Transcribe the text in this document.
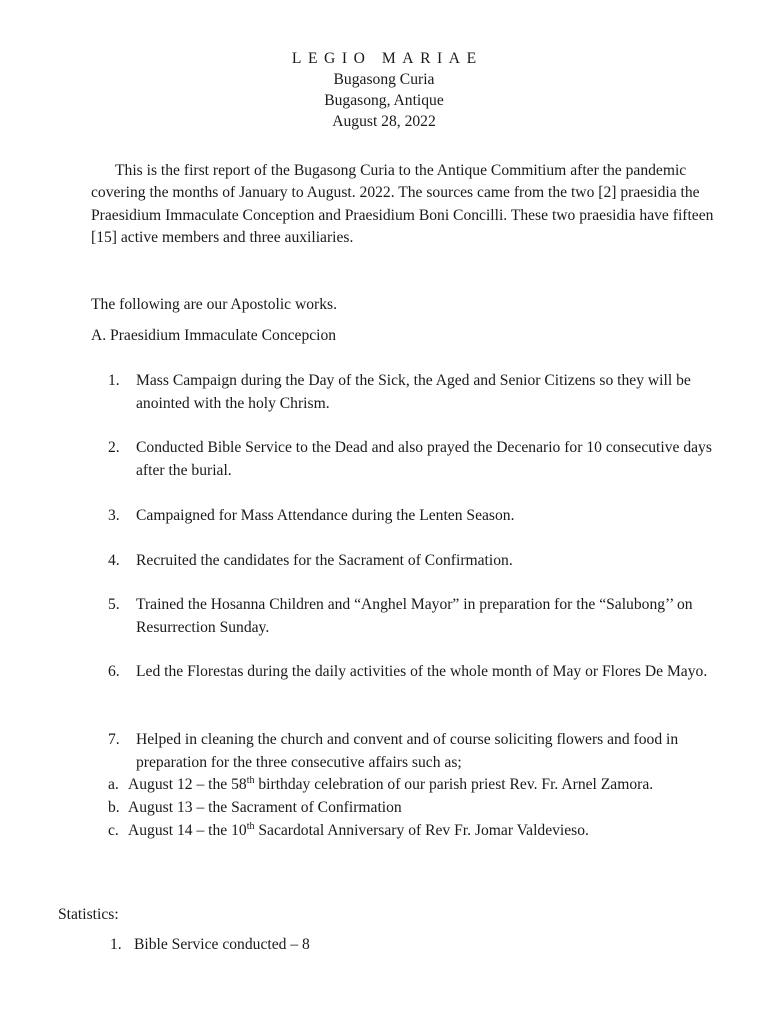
LEGIO MARIAE
Bugasong Curia
Bugasong, Antique
August 28, 2022

This is the first report of the Bugasong Curia to the Antique Commitium after the pandemic covering the months of January to August. 2022. The sources came from the two [2] praesidia the Praesidium Immaculate Conception and Praesidium Boni Concilli. These two praesidia have fifteen [15] active members and three auxiliaries.

The following are our Apostolic works.

A. Praesidium Immaculate Concepcion

1.	Mass Campaign during the Day of the Sick, the Aged and Senior Citizens so they will be anointed with the holy Chrism.
2.	Conducted Bible Service to the Dead and also prayed the Decenario for 10 consecutive days after the burial.
3.	Campaigned for Mass Attendance during the Lenten Season.
4.	Recruited the candidates for the Sacrament of Confirmation.
5.	Trained the Hosanna Children and “Anghel Mayor” in preparation for the “Salubong’’ on Resurrection Sunday.
6.	Led the Florestas during the daily activities of the whole month of May or Flores De Mayo.
7.	Helped in cleaning the church and convent and of course soliciting flowers and food in preparation for the three consecutive affairs such as;
a. August 12 – the 58th birthday celebration of our parish priest Rev. Fr. Arnel Zamora.
b. August 13 – the Sacrament of Confirmation
c. August 14 – the 10th Sacardotal Anniversary of Rev Fr. Jomar Valdevieso.

Statistics:

1. Bible Service conducted – 8
